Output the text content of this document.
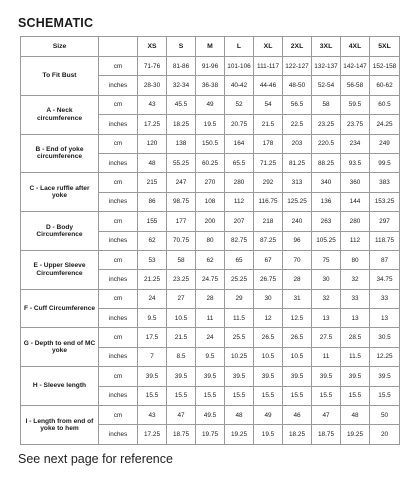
SCHEMATIC
Size		XS	S	M	L	XL	2XL	3XL	4XL	5XL
To Fit Bust	cm	71-76	81-86	91-96	101-106	111-117	122-127	132-137	142-147	152-158
	inches	28-30	32-34	36-38	40-42	44-46	48-50	52-54	56-58	60-62
A - Neck circumference	cm	43	45.5	49	52	54	56.5	58	59.5	60.5
	inches	17.25	18.25	19.5	20.75	21.5	22.5	23.25	23.75	24.25
B - End of yoke circumference	cm	120	138	150.5	164	178	203	220.5	234	249
	inches	48	55.25	60.25	65.5	71.25	81.25	88.25	93.5	99.5
C - Lace ruffle after yoke	cm	215	247	270	280	292	313	340	360	383
	inches	86	98.75	108	112	116.75	125.25	136	144	153.25
D - Body Circumference	cm	155	177	200	207	218	240	263	280	297
	inches	62	70.75	80	82.75	87.25	96	105.25	112	118.75
E - Upper Sleeve Circumference	cm	53	58	62	65	67	70	75	80	87
	inches	21.25	23.25	24.75	25.25	26.75	28	30	32	34.75
F - Cuff Circumference	cm	24	27	28	29	30	31	32	33	33
	inches	9.5	10.5	11	11.5	12	12.5	13	13	13
G - Depth to end of MC yoke	cm	17.5	21.5	24	25.5	26.5	26.5	27.5	28.5	30.5
	inches	7	8.5	9.5	10.25	10.5	10.5	11	11.5	12.25
H - Sleeve length	cm	39.5	39.5	39.5	39.5	39.5	39.5	39.5	39.5	39.5
	inches	15.5	15.5	15.5	15.5	15.5	15.5	15.5	15.5	15.5
I - Length from end of yoke to hem	cm	43	47	49.5	48	49	46	47	48	50
	inches	17.25	18.75	19.75	19.25	19.5	18.25	18.75	19.25	20
See next page for reference
